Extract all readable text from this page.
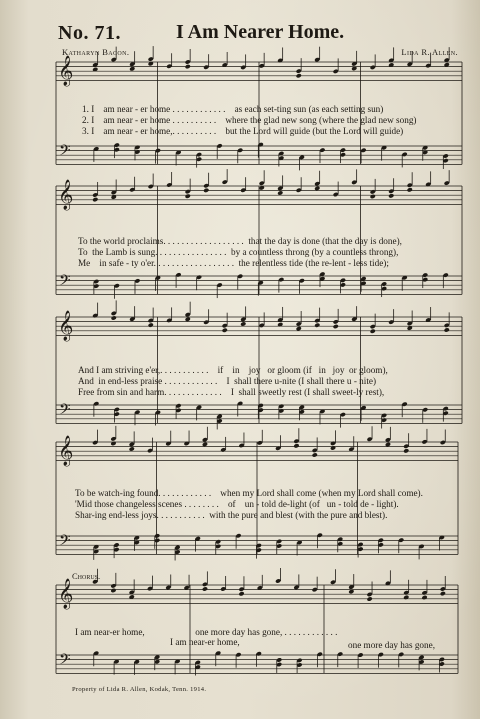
No. 71.	I Am Nearer Home.
Katharyn Bacon.	Lida R. Allen.
𝄞
𝄢
𝄞
𝄢
𝄞
𝄢
𝄞
𝄢
𝄞
𝄢
1. I    am near - er home . . . . . . . . . . . .    as each set-ting sun (as each setting sun)
2. I    am near - er home . . . . . . . . . .    where the glad new song (where the glad new song)
3. I    am near - er home,. . . . . . . . . .    but the Lord will guide (but the Lord will guide)
To the world proclaims. . . . . . . . . . . . . . . . . .  that the day is done (that the day is done),
To  the Lamb is sung. . . . . . . . . . . . . . . .  by a countless throng (by a countless throng),
Me    in safe - ty o'er. . . . . . . . . . . . . . . . . .  the relentless tide (the re-lent - less tide);
And I am striving e'er,. . . . . . . . . . .    if    in    joy   or gloom (if   in   joy  or gloom),
And  in end-less praise . . . . . . . . . . . .    I  shall there u-nite (I shall there u - nite)
Free from sin and harm. . . . . . . . . . . . .    I  shall sweetly rest (I shall sweet-ly rest),
To be watch-ing found. . . . . . . . . . . .    when my Lord shall come (when my Lord shall come).
'Mid those changeless scenes . . . . . . . .    of    un - told de-light (of   un - told de - light).
Shar-ing end-less joys. . . . . . . . . . .  with the pure and blest (with the pure and blest).
Chorus.
I am near-er home,                      one more day has gone, . . . . . . . . . . . .
I am near-er home,	one more day has gone,
Property of Lida R. Allen, Kodak, Tenn. 1914.
